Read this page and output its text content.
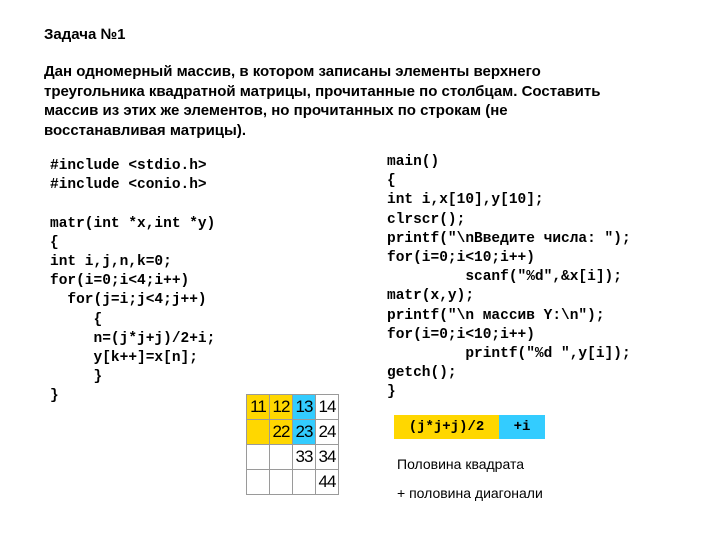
Задача №1
Дан одномерный массив, в котором записаны элементы верхнего
треугольника квадратной матрицы, прочитанные по столбцам. Составить
массив из этих же элементов, но прочитанных по строкам (не
восстанавливая матрицы).
#include <stdio.h>
#include <conio.h>

matr(int *x,int *y)
{
int i,j,n,k=0;
for(i=0;i<4;i++)
for(j=i;j<4;j++)
{
n=(j*j+j)/2+i;
y[k++]=x[n];
}
}
main()
{
int i,x[10],y[10];
clrscr();
printf("\nВведите числа: ");
for(i=0;i<10;i++)
scanf("%d",&x[i]);
matr(x,y);
printf("\n массив Y:\n");
for(i=0;i<10;i++)
printf("%d ",y[i]);
getch();
}
11	12	13	14
	22	23	24
		33	34
			44
(j*j+j)/2	+i
Половина квадрата
+ половина диагонали
